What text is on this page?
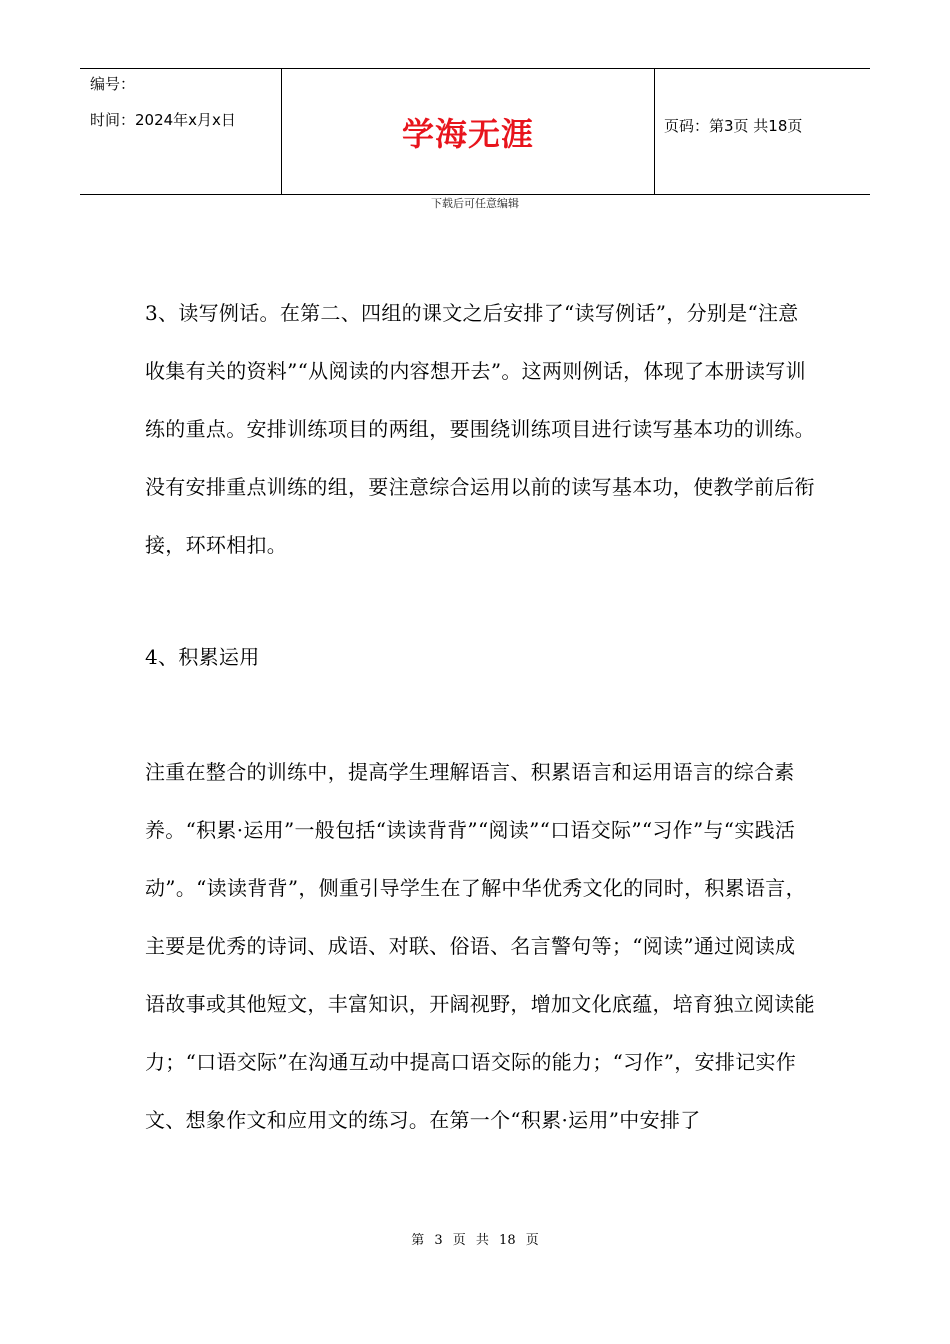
编号：
时间：2024年x月x日	学海无涯	页码：第3页 共18页
下载后可任意编辑

3、读写例话。在第二、四组的课文之后安排了“读写例话”，分别是“注意收集有关的资料”“从阅读的内容想开去”。这两则例话，体现了本册读写训练的重点。安排训练项目的两组，要围绕训练项目进行读写基本功的训练。没有安排重点训练的组，要注意综合运用以前的读写基本功，使教学前后衔接，环环相扣。

4、积累运用

注重在整合的训练中，提高学生理解语言、积累语言和运用语言的综合素养。“积累·运用”一般包括“读读背背”“阅读”“口语交际”“习作”与“实践活动”。“读读背背”，侧重引导学生在了解中华优秀文化的同时，积累语言，主要是优秀的诗词、成语、对联、俗语、名言警句等；“阅读”通过阅读成语故事或其他短文，丰富知识，开阔视野，增加文化底蕴，培育独立阅读能力；“口语交际”在沟通互动中提高口语交际的能力；“习作”，安排记实作文、想象作文和应用文的练习。在第一个“积累·运用”中安排了

第 3 页 共 18 页
